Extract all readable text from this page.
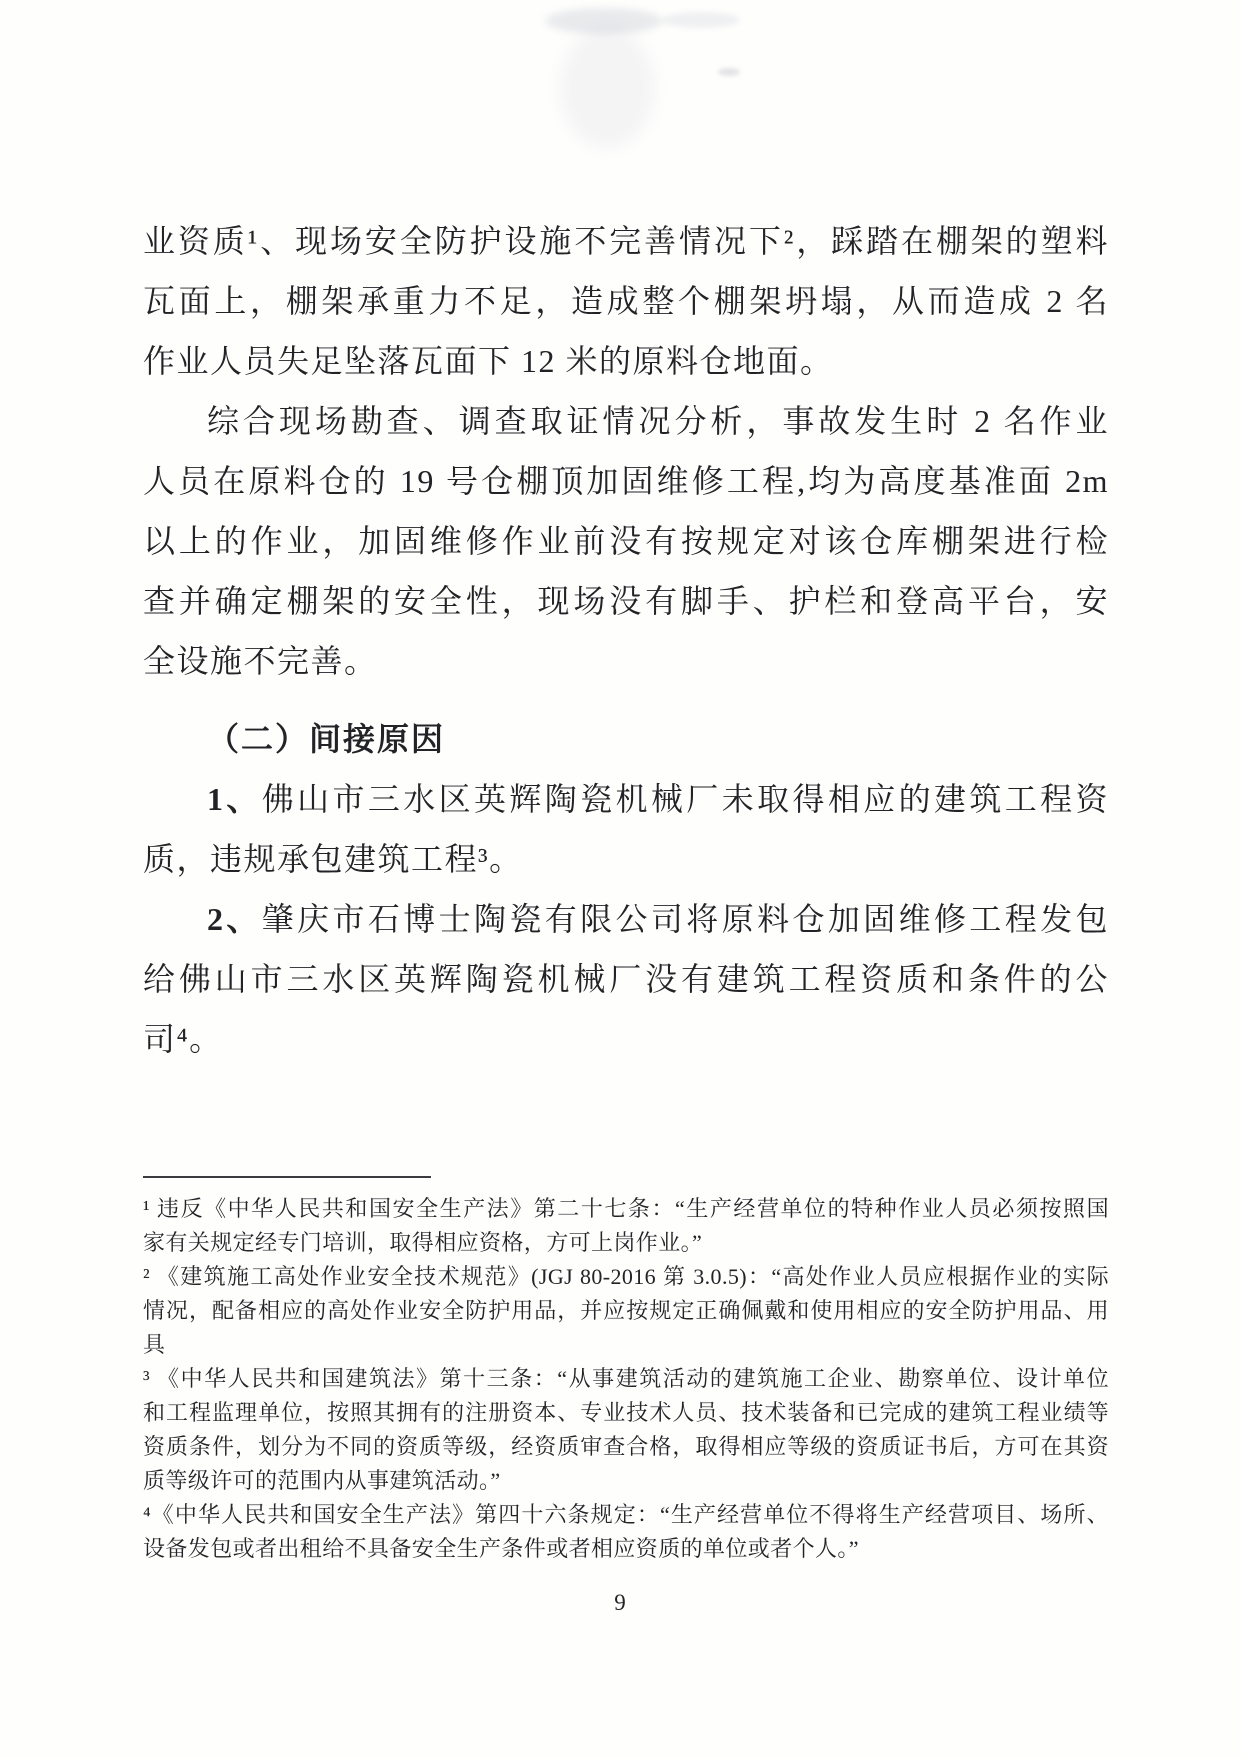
业资质¹、现场安全防护设施不完善情况下²，踩踏在棚架的塑料

瓦面上，棚架承重力不足，造成整个棚架坍塌，从而造成 2 名

作业人员失足坠落瓦面下 12 米的原料仓地面。

综合现场勘查、调查取证情况分析，事故发生时 2 名作业

人员在原料仓的 19 号仓棚顶加固维修工程,均为高度基准面 2m

以上的作业，加固维修作业前没有按规定对该仓库棚架进行检

查并确定棚架的安全性，现场没有脚手、护栏和登高平台，安

全设施不完善。

（二）间接原因

1、佛山市三水区英辉陶瓷机械厂未取得相应的建筑工程资

质，违规承包建筑工程³。

2、肇庆市石博士陶瓷有限公司将原料仓加固维修工程发包

给佛山市三水区英辉陶瓷机械厂没有建筑工程资质和条件的公

司⁴。

¹ 违反《中华人民共和国安全生产法》第二十七条：“生产经营单位的特种作业人员必须按照国

家有关规定经专门培训，取得相应资格，方可上岗作业。”

² 《建筑施工高处作业安全技术规范》(JGJ 80-2016 第 3.0.5)：“高处作业人员应根据作业的实际

情况，配备相应的高处作业安全防护用品，并应按规定正确佩戴和使用相应的安全防护用品、用

具

³ 《中华人民共和国建筑法》第十三条：“从事建筑活动的建筑施工企业、勘察单位、设计单位

和工程监理单位，按照其拥有的注册资本、专业技术人员、技术装备和已完成的建筑工程业绩等

资质条件，划分为不同的资质等级，经资质审查合格，取得相应等级的资质证书后，方可在其资

质等级许可的范围内从事建筑活动。”

⁴《中华人民共和国安全生产法》第四十六条规定：“生产经营单位不得将生产经营项目、场所、

设备发包或者出租给不具备安全生产条件或者相应资质的单位或者个人。”

9
